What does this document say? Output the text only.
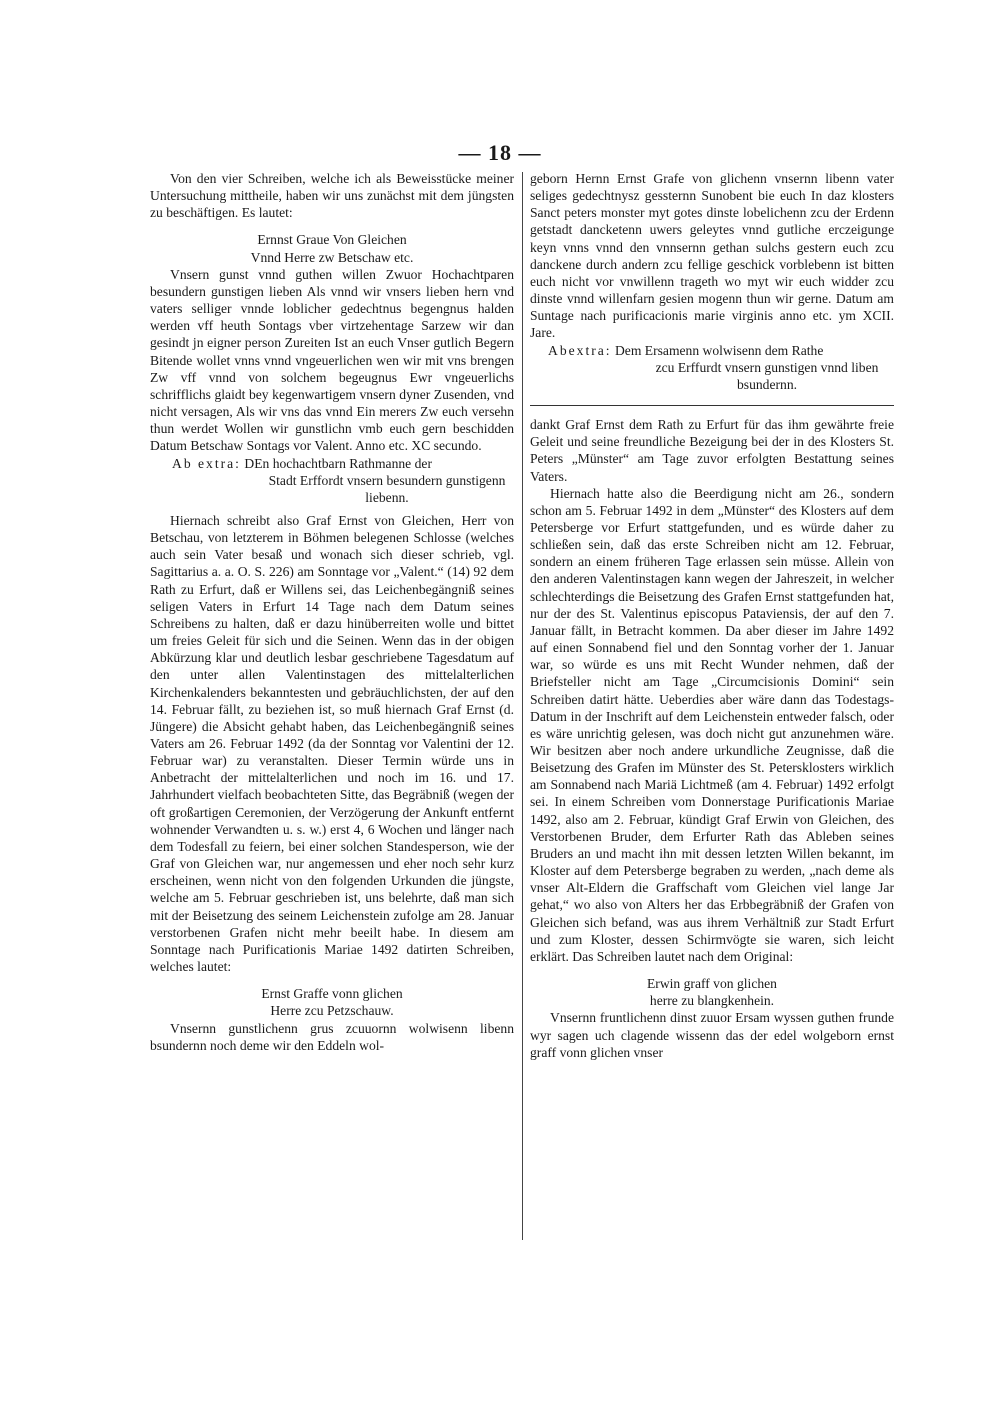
— 18 —

Von den vier Schreiben, welche ich als Beweisstücke meiner Untersuchung mittheile, haben wir uns zunächst mit dem jüngsten zu beschäftigen. Es lautet:

Ernnst Graue Von Gleichen

Vnnd Herre zw Betschaw etc.

Vnsern gunst vnnd guthen willen Zwuor Hochachtparen besundern gunstigen lieben Als vnnd wir vnsers lieben hern vnd vaters selliger vnnde loblicher gedechtnus begengnus halden werden vff heuth Sontags vber virtzehentage Sarzew wir dan gesindt jn eigner person Zureiten Ist an euch Vnser gutlich Begern Bitende wollet vnns vnnd vngeuerlichen wen wir mit vns brengen Zw vff vnnd von solchem begeugnus Ewr vngeuerlichs schrifflichs glaidt bey kegenwartigem vnsern dyner Zusenden, vnd nicht versagen, Als wir vns das vnnd Ein merers Zw euch versehn thun werdet Wollen wir gunstlichn vmb euch gern beschidden Datum Betschaw Sontags vor Valent. Anno etc. XC secundo.

Ab extra: DEn hochachtbarn Rathmanne der

Stadt Erffordt vnsern besundern gunstigenn liebenn.

Hiernach schreibt also Graf Ernst von Gleichen, Herr von Betschau, von letzterem in Böhmen belegenen Schlosse (welches auch sein Vater besaß und wonach sich dieser schrieb, vgl. Sagittarius a. a. O. S. 226) am Sonntage vor „Valent.“ (14) 92 dem Rath zu Erfurt, daß er Willens sei, das Leichenbegängniß seines seligen Vaters in Erfurt 14 Tage nach dem Datum seines Schreibens zu halten, daß er dazu hinüberreiten wolle und bittet um freies Geleit für sich und die Seinen. Wenn das in der obigen Abkürzung klar und deutlich lesbar geschriebene Tagesdatum auf den unter allen Valentinstagen des mittelalterlichen Kirchenkalenders bekanntesten und gebräuchlichsten, der auf den 14. Februar fällt, zu beziehen ist, so muß hiernach Graf Ernst (d. Jüngere) die Absicht gehabt haben, das Leichenbegängniß seines Vaters am 26. Februar 1492 (da der Sonntag vor Valentini der 12. Februar war) zu veranstalten. Dieser Termin würde uns in Anbetracht der mittelalterlichen und noch im 16. und 17. Jahrhundert vielfach beobachteten Sitte, das Begräbniß (wegen der oft großartigen Ceremonien, der Verzögerung der Ankunft entfernt wohnender Verwandten u. s. w.) erst 4, 6 Wochen und länger nach dem Todesfall zu feiern, bei einer solchen Standesperson, wie der Graf von Gleichen war, nur angemessen und eher noch sehr kurz erscheinen, wenn nicht von den folgenden Urkunden die jüngste, welche am 5. Februar geschrieben ist, uns belehrte, daß man sich mit der Beisetzung des seinem Leichenstein zufolge am 28. Januar verstorbenen Grafen nicht mehr beeilt habe. In diesem am Sonntage nach Purificationis Mariae 1492 datirten Schreiben, welches lautet:

Ernst Graffe vonn glichen

Herre zcu Petzschauw.

Vnsernn gunstlichenn grus zcuuornn wolwisenn libenn bsundernn noch deme wir den Eddeln wol-

geborn Hernn Ernst Grafe von glichenn vnsernn libenn vater seliges gedechtnysz gessternn Sunobent bie euch In daz klosters Sanct peters monster myt gotes dinste lobelichenn zcu der Erdenn getstadt dancketenn uwers geleytes vnnd gutliche erczeigunge keyn vnns vnnd den vnnsernn gethan sulchs gestern euch zcu danckene durch andern zcu fellige geschick vorblebenn ist bitten euch nicht vor vnwillenn trageth wo myt wir euch widder zcu dinste vnnd willenfarn gesien mogenn thun wir gerne. Datum am Suntage nach purificacionis marie virginis anno etc. ym XCII. Jare.

Abextra: Dem Ersamenn wolwisenn dem Rathe

zcu Erffurdt vnsern gunstigen vnnd liben bsundernn.

dankt Graf Ernst dem Rath zu Erfurt für das ihm gewährte freie Geleit und seine freundliche Bezeigung bei der in des Klosters St. Peters „Münster“ am Tage zuvor erfolgten Bestattung seines Vaters.

Hiernach hatte also die Beerdigung nicht am 26., sondern schon am 5. Februar 1492 in dem „Münster“ des Klosters auf dem Petersberge vor Erfurt stattgefunden, und es würde daher zu schließen sein, daß das erste Schreiben nicht am 12. Februar, sondern an einem früheren Tage erlassen sein müsse. Allein von den anderen Valentinstagen kann wegen der Jahreszeit, in welcher schlechterdings die Beisetzung des Grafen Ernst stattgefunden hat, nur der des St. Valentinus episcopus Pataviensis, der auf den 7. Januar fällt, in Betracht kommen. Da aber dieser im Jahre 1492 auf einen Sonnabend fiel und den Sonntag vorher der 1. Januar war, so würde es uns mit Recht Wunder nehmen, daß der Briefsteller nicht am Tage „Circumcisionis Domini“ sein Schreiben datirt hätte. Ueberdies aber wäre dann das Todestags-Datum in der Inschrift auf dem Leichenstein entweder falsch, oder es wäre unrichtig gelesen, was doch nicht gut anzunehmen wäre. Wir besitzen aber noch andere urkundliche Zeugnisse, daß die Beisetzung des Grafen im Münster des St. Petersklosters wirklich am Sonnabend nach Mariä Lichtmeß (am 4. Februar) 1492 erfolgt sei. In einem Schreiben vom Donnerstage Purificationis Mariae 1492, also am 2. Februar, kündigt Graf Erwin von Gleichen, des Verstorbenen Bruder, dem Erfurter Rath das Ableben seines Bruders an und macht ihn mit dessen letzten Willen bekannt, im Kloster auf dem Petersberge begraben zu werden, „nach deme als vnser Alt-Eldern die Graffschaft vom Gleichen viel lange Jar gehat,“ wo also von Alters her das Erbbegräbniß der Grafen von Gleichen sich befand, was aus ihrem Verhältniß zur Stadt Erfurt und zum Kloster, dessen Schirmvögte sie waren, sich leicht erklärt. Das Schreiben lautet nach dem Original:

Erwin graff von glichen

herre zu blangkenhein.

Vnsernn fruntlichenn dinst zuuor Ersam wyssen guthen frunde wyr sagen uch clagende wissenn das der edel wolgeborn ernst graff vonn glichen vnser
